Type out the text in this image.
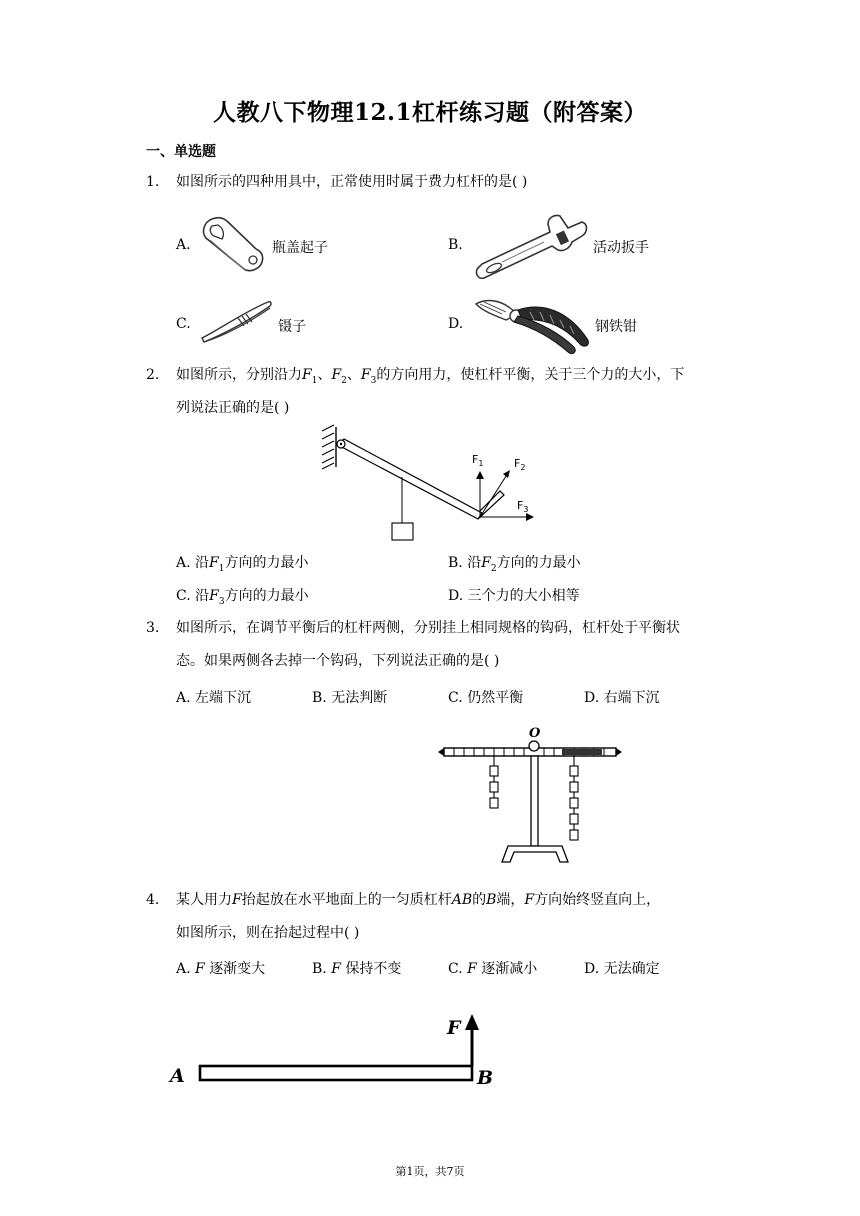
人教八下物理12.1杠杆练习题（附答案）
一、单选题
1. 如图所示的四种用具中，正常使用时属于费力杠杆的是( )
A.	瓶盖起子	B.	活动扳手
C.	镊子	D.	钢铁钳
2. 如图所示，分别沿力$F_1$、$F_2$、$F_3$的方向用力，使杠杆平衡，关于三个力的大小，下
列说法正确的是( )
$F_1$	$F_2$
$F_3$
A. 沿$F_1$方向的力最小	B. 沿$F_2$方向的力最小
C. 沿$F_3$方向的力最小	D. 三个力的大小相等
3. 如图所示，在调节平衡后的杠杆两侧，分别挂上相同规格的钩码，杠杆处于平衡状
态。如果两侧各去掉一个钩码，下列说法正确的是( )
A. 左端下沉	B. 无法判断	C. 仍然平衡	D. 右端下沉
O
4. 某人用力F抬起放在水平地面上的一匀质杠杆AB的B端，F方向始终竖直向上，
如图所示，则在抬起过程中( )
A. F 逐渐变大	B. F 保持不变	C. F 逐渐减小	D. 无法确定
F
A	B
第1页，共7页
